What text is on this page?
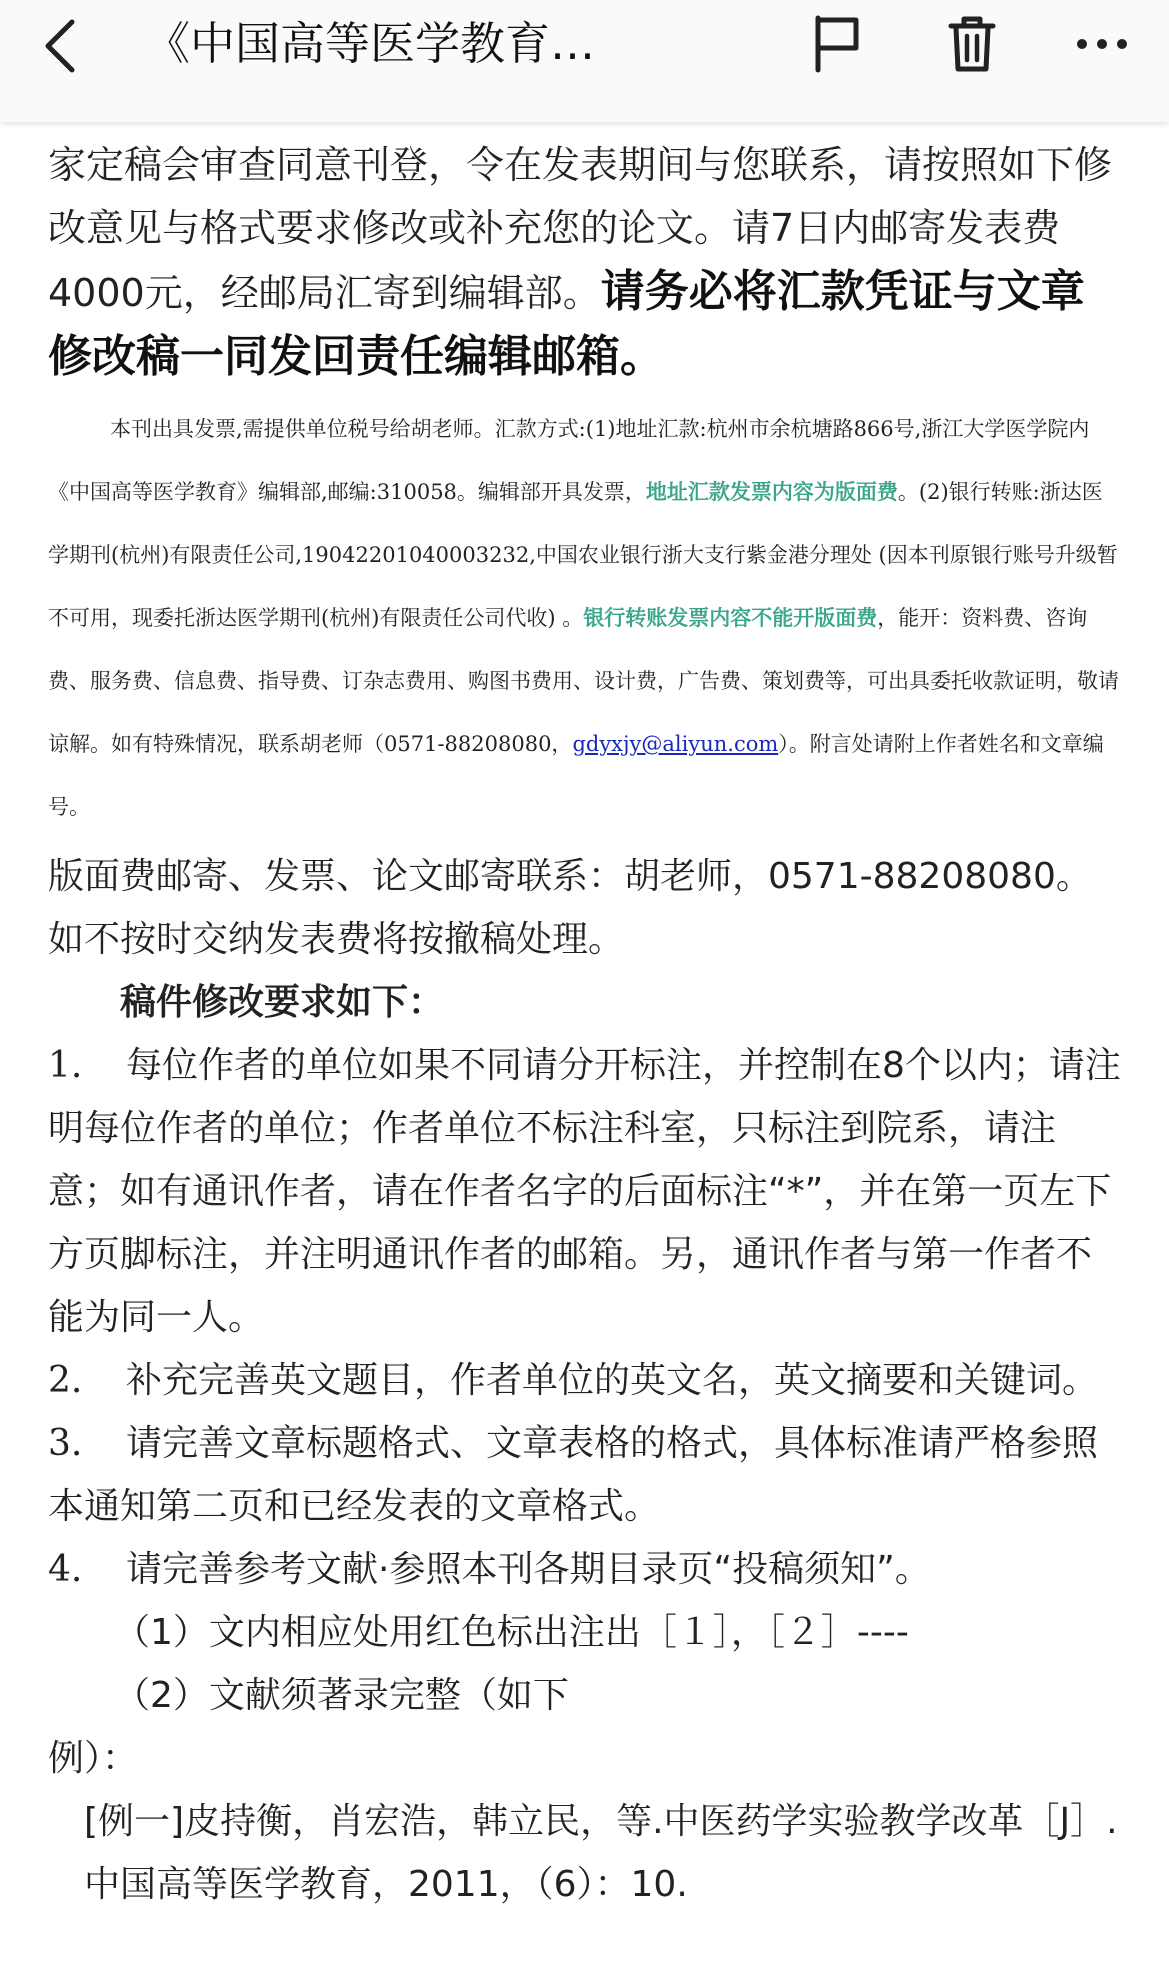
《中国高等医学教育…

家定稿会审查同意刊登，令在发表期间与您联系，请按照如下修改意见与格式要求修改或补充您的论文。请7日内邮寄发表费4000元，经邮局汇寄到编辑部。请务必将汇款凭证与文章修改稿一同发回责任编辑邮箱。

本刊出具发票,需提供单位税号给胡老师。汇款方式:(1)地址汇款:杭州市余杭塘路866号,浙江大学医学院内《中国高等医学教育》编辑部,邮编:310058。编辑部开具发票，地址汇款发票内容为版面费。(2)银行转账:浙达医学期刊(杭州)有限责任公司,19042201040003232,中国农业银行浙大支行紫金港分理处 (因本刊原银行账号升级暂不可用，现委托浙达医学期刊(杭州)有限责任公司代收) 。银行转账发票内容不能开版面费，能开：资料费、咨询费、服务费、信息费、指导费、订杂志费用、购图书费用、设计费，广告费、策划费等，可出具委托收款证明，敬请谅解。如有特殊情况，联系胡老师（0571-88208080，gdyxjy@aliyun.com）。附言处请附上作者姓名和文章编号。

版面费邮寄、发票、论文邮寄联系：胡老师，0571-88208080。如不按时交纳发表费将按撤稿处理。

稿件修改要求如下：

1. 每位作者的单位如果不同请分开标注，并控制在8个以内；请注明每位作者的单位；作者单位不标注科室，只标注到院系，请注意；如有通讯作者，请在作者名字的后面标注“*”，并在第一页左下方页脚标注，并注明通讯作者的邮箱。另，通讯作者与第一作者不能为同一人。

2. 补充完善英文题目，作者单位的英文名，英文摘要和关键词。

3. 请完善文章标题格式、文章表格的格式，具体标准请严格参照本通知第二页和已经发表的文章格式。

4. 请完善参考文献·参照本刊各期目录页“投稿须知”。

（1）文内相应处用红色标出注出［１］，［２］----

（2）文献须著录完整（如下

例）：

[例一]皮持衡，肖宏浩，韩立民，等.中医药学实验教学改革［J］.中国高等医学教育，2011，（6）：10.
